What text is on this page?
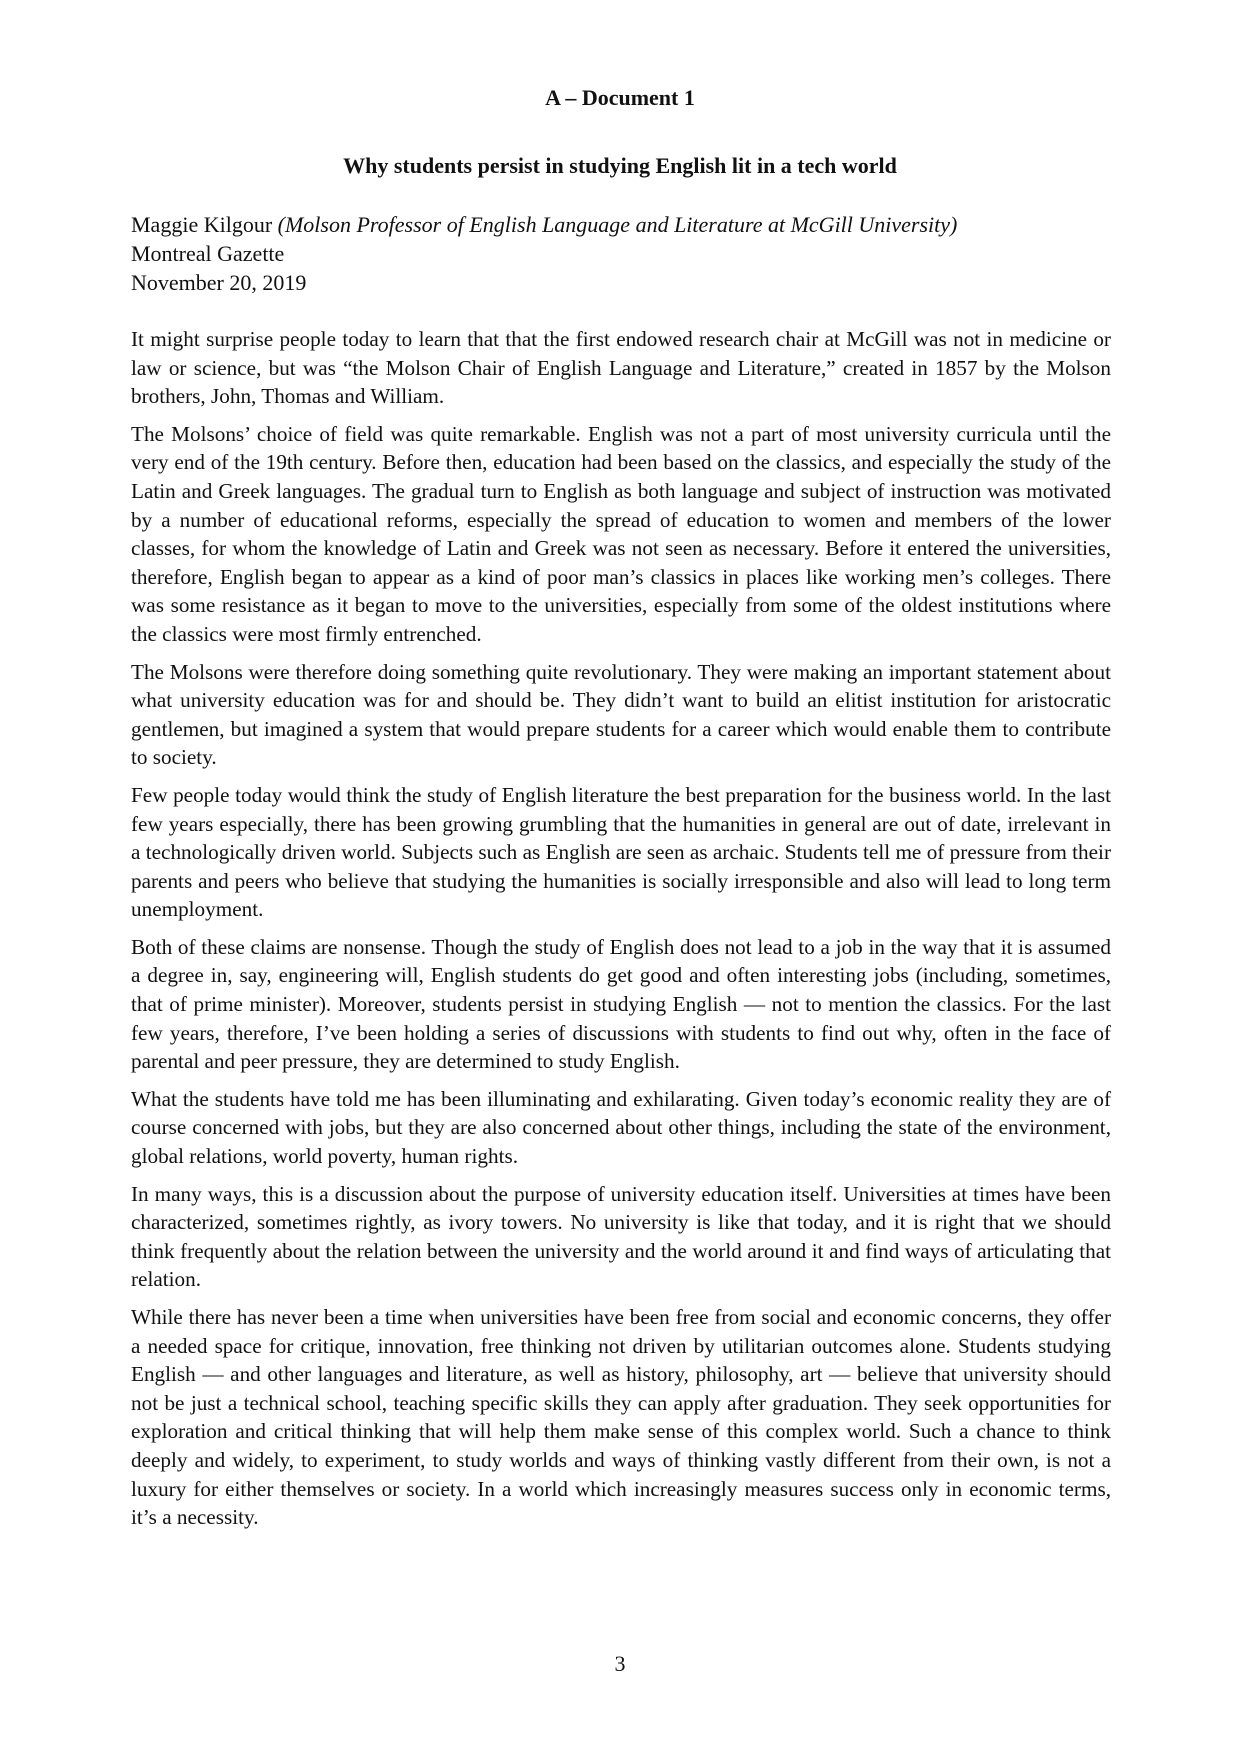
A – Document 1
Why students persist in studying English lit in a tech world
Maggie Kilgour (Molson Professor of English Language and Literature at McGill University)
Montreal Gazette
November 20, 2019

It might surprise people today to learn that that the first endowed research chair at McGill was not in medicine or law or science, but was “the Molson Chair of English Language and Literature,” created in 1857 by the Molson brothers, John, Thomas and William.

The Molsons’ choice of field was quite remarkable. English was not a part of most university curricula until the very end of the 19th century. Before then, education had been based on the classics, and especially the study of the Latin and Greek languages. The gradual turn to English as both language and subject of instruction was motivated by a number of educational reforms, especially the spread of education to women and members of the lower classes, for whom the knowledge of Latin and Greek was not seen as necessary. Before it entered the universities, therefore, English began to appear as a kind of poor man’s classics in places like working men’s colleges. There was some resistance as it began to move to the universities, especially from some of the oldest institutions where the classics were most firmly entrenched.

The Molsons were therefore doing something quite revolutionary. They were making an important statement about what university education was for and should be. They didn’t want to build an elitist institution for aristocratic gentlemen, but imagined a system that would prepare students for a career which would enable them to contribute to society.

Few people today would think the study of English literature the best preparation for the business world. In the last few years especially, there has been growing grumbling that the humanities in general are out of date, irrelevant in a technologically driven world. Subjects such as English are seen as archaic. Students tell me of pressure from their parents and peers who believe that studying the humanities is socially irresponsible and also will lead to long term unemployment.

Both of these claims are nonsense. Though the study of English does not lead to a job in the way that it is assumed a degree in, say, engineering will, English students do get good and often interesting jobs (including, sometimes, that of prime minister). Moreover, students persist in studying English — not to mention the classics. For the last few years, therefore, I’ve been holding a series of discussions with students to find out why, often in the face of parental and peer pressure, they are determined to study English.

What the students have told me has been illuminating and exhilarating. Given today’s economic reality they are of course concerned with jobs, but they are also concerned about other things, including the state of the environment, global relations, world poverty, human rights.

In many ways, this is a discussion about the purpose of university education itself. Universities at times have been characterized, sometimes rightly, as ivory towers. No university is like that today, and it is right that we should think frequently about the relation between the university and the world around it and find ways of articulating that relation.

While there has never been a time when universities have been free from social and economic concerns, they offer a needed space for critique, innovation, free thinking not driven by utilitarian outcomes alone. Students studying English — and other languages and literature, as well as history, philosophy, art — believe that university should not be just a technical school, teaching specific skills they can apply after graduation. They seek opportunities for exploration and critical thinking that will help them make sense of this complex world. Such a chance to think deeply and widely, to experiment, to study worlds and ways of thinking vastly different from their own, is not a luxury for either themselves or society. In a world which increasingly measures success only in economic terms, it’s a necessity.

3
